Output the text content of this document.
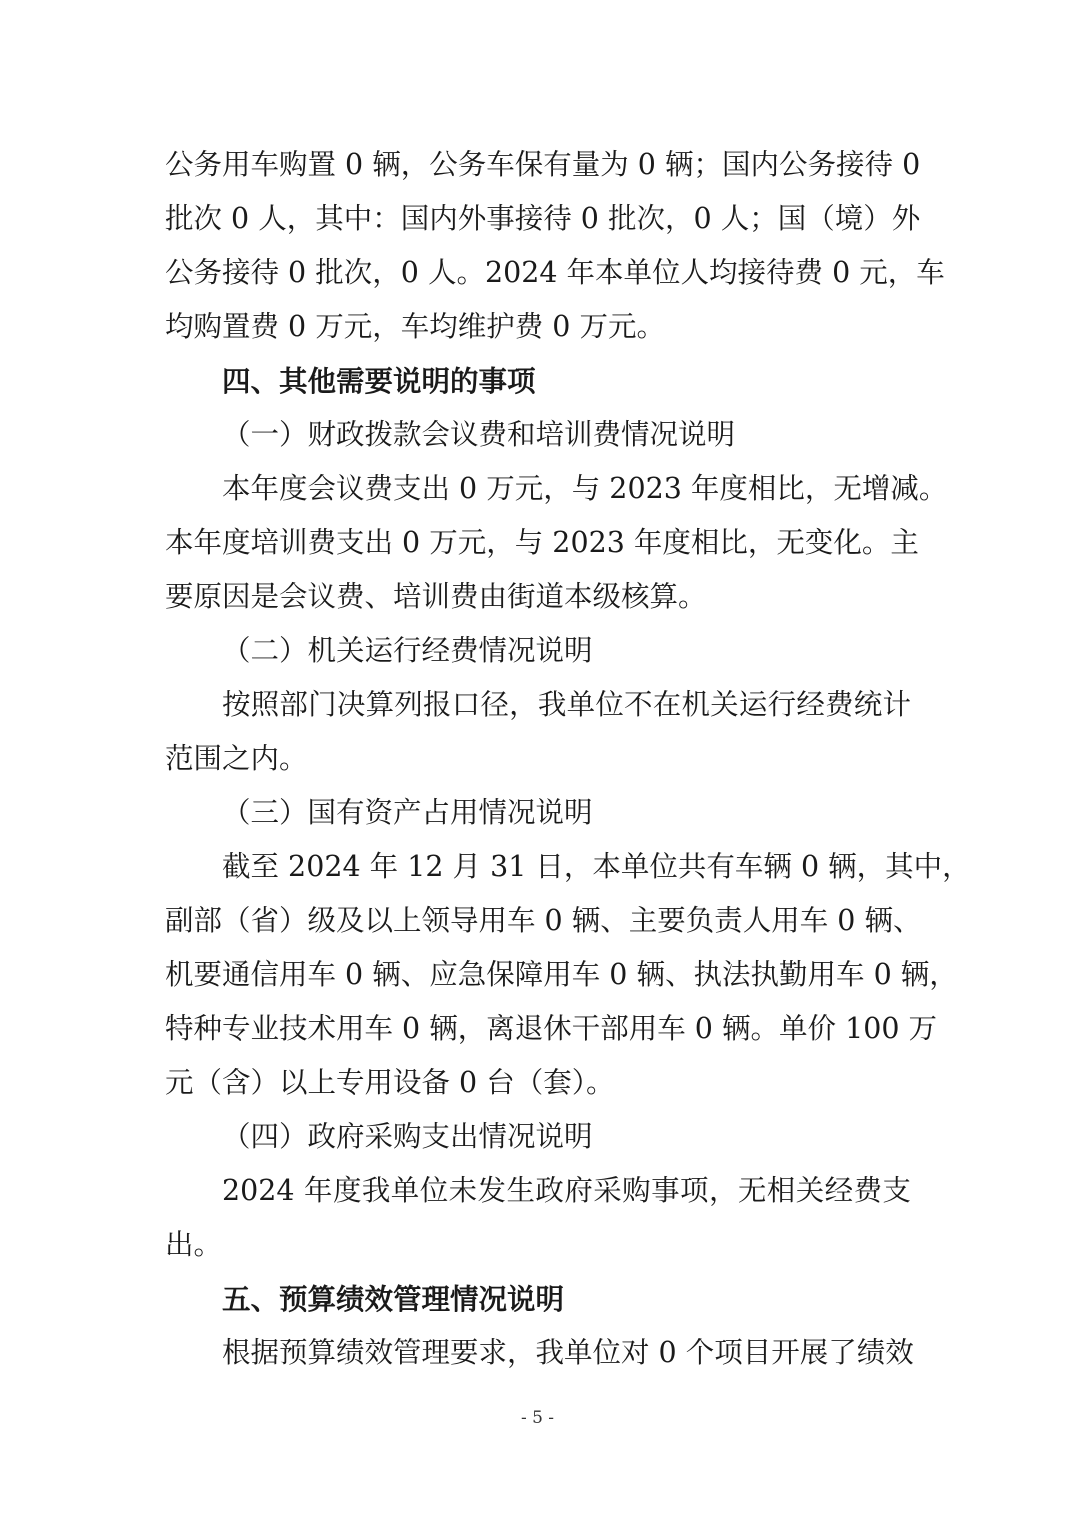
公务用车购置 0 辆，公务车保有量为 0 辆；国内公务接待 0
批次 0 人，其中：国内外事接待 0 批次，0 人；国（境）外
公务接待 0 批次，0 人。2024 年本单位人均接待费 0 元，车
均购置费 0 万元，车均维护费 0 万元。
四、其他需要说明的事项
（一）财政拨款会议费和培训费情况说明
本年度会议费支出 0 万元，与 2023 年度相比，无增减。
本年度培训费支出 0 万元，与 2023 年度相比，无变化。主
要原因是会议费、培训费由街道本级核算。
（二）机关运行经费情况说明
按照部门决算列报口径，我单位不在机关运行经费统计
范围之内。
（三）国有资产占用情况说明
截至 2024 年 12 月 31 日，本单位共有车辆 0 辆，其中，
副部（省）级及以上领导用车 0 辆、主要负责人用车 0 辆、
机要通信用车 0 辆、应急保障用车 0 辆、执法执勤用车 0 辆，
特种专业技术用车 0 辆，离退休干部用车 0 辆。单价 100 万
元（含）以上专用设备 0 台（套）。
（四）政府采购支出情况说明
2024 年度我单位未发生政府采购事项，无相关经费支
出。
五、预算绩效管理情况说明
根据预算绩效管理要求，我单位对 0 个项目开展了绩效
- 5 -
